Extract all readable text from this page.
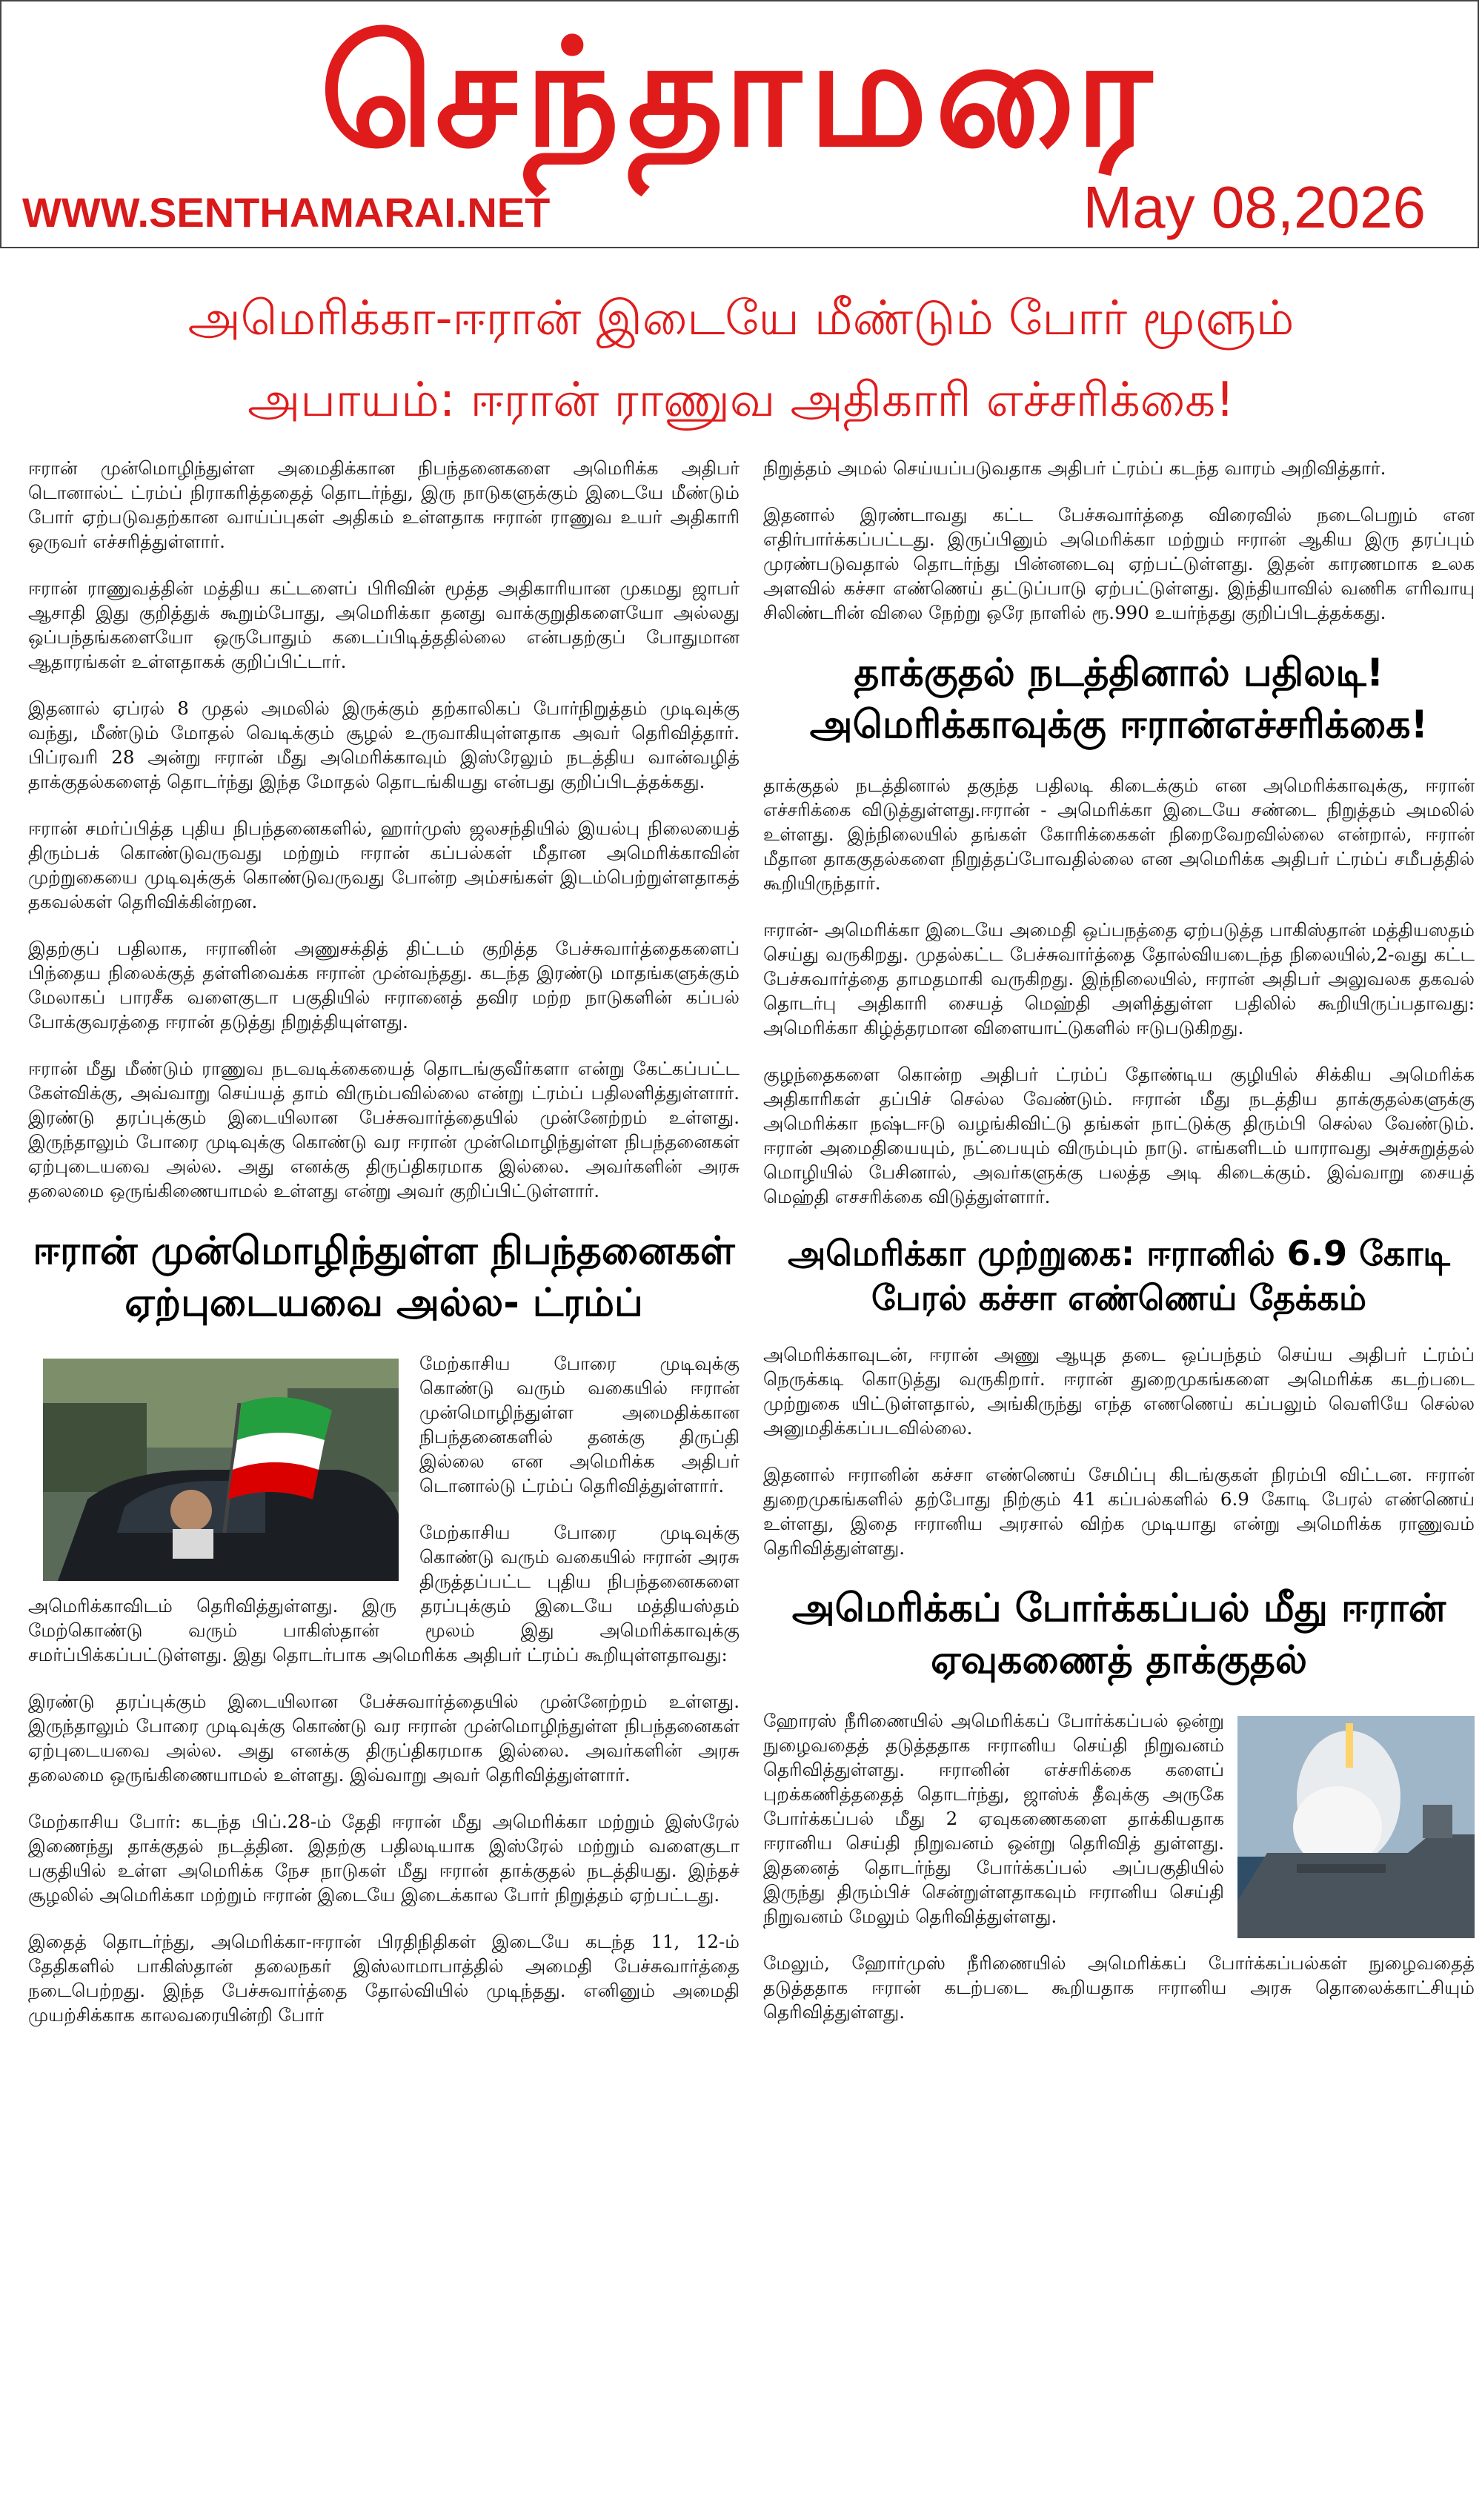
செந்தாமரை
WWW.SENTHAMARAI.NET	May 08,2026
அமெரிக்கா-ஈரான் இடையே மீண்டும் போர் மூளும்
அபாயம்: ஈரான் ராணுவ அதிகாரி எச்சரிக்கை!

ஈரான் முன்மொழிந்துள்ள அமைதிக்கான நிபந்தனைகளை அமெரிக்க அதிபர் டொனால்ட் ட்ரம்ப் நிராகரித்ததைத் தொடர்ந்து, இரு நாடுகளுக்கும் இடையே மீண்டும் போர் ஏற்படுவதற்கான வாய்ப்புகள் அதிகம் உள்ளதாக ஈரான் ராணுவ உயர் அதிகாரி ஒருவர் எச்சரித்துள்ளார்.

ஈரான் ராணுவத்தின் மத்திய கட்டளைப் பிரிவின் மூத்த அதிகாரியான முகமது ஜாபர் ஆசாதி இது குறித்துக் கூறும்போது, அமெரிக்கா தனது வாக்குறுதிகளையோ அல்லது ஒப்பந்தங்களையோ ஒருபோதும் கடைப்பிடித்ததில்லை என்பதற்குப் போதுமான ஆதாரங்கள் உள்ளதாகக் குறிப்பிட்டார்.

இதனால் ஏப்ரல் 8 முதல் அமலில் இருக்கும் தற்காலிகப் போர்நிறுத்தம் முடிவுக்கு வந்து, மீண்டும் மோதல் வெடிக்கும் சூழல் உருவாகியுள்ளதாக அவர் தெரிவித்தார். பிப்ரவரி 28 அன்று ஈரான் மீது அமெரிக்காவும் இஸ்ரேலும் நடத்திய வான்வழித் தாக்குதல்களைத் தொடர்ந்து இந்த மோதல் தொடங்கியது என்பது குறிப்பிடத்தக்கது.

ஈரான் சமர்ப்பித்த புதிய நிபந்தனைகளில், ஹார்முஸ் ஜலசந்தியில் இயல்பு நிலையைத் திரும்பக் கொண்டுவருவது மற்றும் ஈரான் கப்பல்கள் மீதான அமெரிக்காவின் முற்றுகையை முடிவுக்குக் கொண்டுவருவது போன்ற அம்சங்கள் இடம்பெற்றுள்ளதாகத் தகவல்கள் தெரிவிக்கின்றன.

இதற்குப் பதிலாக, ஈரானின் அணுசக்தித் திட்டம் குறித்த பேச்சுவார்த்தைகளைப் பிந்தைய நிலைக்குத் தள்ளிவைக்க ஈரான் முன்வந்தது. கடந்த இரண்டு மாதங்களுக்கும் மேலாகப் பாரசீக வளைகுடா பகுதியில் ஈரானைத் தவிர மற்ற நாடுகளின் கப்பல் போக்குவரத்தை ஈரான் தடுத்து நிறுத்தியுள்ளது.

ஈரான் மீது மீண்டும் ராணுவ நடவடிக்கையைத் தொடங்குவீர்களா என்று கேட்கப்பட்ட கேள்விக்கு, அவ்வாறு செய்யத் தாம் விரும்பவில்லை என்று ட்ரம்ப் பதிலளித்துள்ளார். இரண்டு தரப்புக்கும் இடையிலான பேச்சுவார்த்தையில் முன்னேற்றம் உள்ளது. இருந்தாலும் போரை முடிவுக்கு கொண்டு வர ஈரான் முன்மொழிந்துள்ள நிபந்தனைகள் ஏற்புடையவை அல்ல. அது எனக்கு திருப்திகரமாக இல்லை. அவர்களின் அரசு தலைமை ஒருங்கிணையாமல் உள்ளது என்று அவர் குறிப்பிட்டுள்ளார்.

ஈரான் முன்மொழிந்துள்ள நிபந்தனைகள் ஏற்புடையவை அல்ல- ட்ரம்ப்

மேற்காசிய போரை முடிவுக்கு கொண்டு வரும் வகையில் ஈரான் முன்மொழிந்துள்ள அமைதிக்கான நிபந்தனைகளில் தனக்கு திருப்தி இல்லை என அமெரிக்க அதிபர் டொனால்டு ட்ரம்ப் தெரிவித்துள்ளார்.

மேற்காசிய போரை முடிவுக்கு கொண்டு வரும் வகையில் ஈரான் அரசு திருத்தப்பட்ட புதிய நிபந்தனைகளை அமெரிக்காவிடம் தெரிவித்துள்ளது. இரு தரப்புக்கும் இடையே மத்தியஸ்தம் மேற்கொண்டு வரும் பாகிஸ்தான் மூலம் இது அமெரிக்காவுக்கு சமர்ப்பிக்கப்பட்டுள்ளது. இது தொடர்பாக அமெரிக்க அதிபர் ட்ரம்ப் கூறியுள்ளதாவது:

இரண்டு தரப்புக்கும் இடையிலான பேச்சுவார்த்தையில் முன்னேற்றம் உள்ளது. இருந்தாலும் போரை முடிவுக்கு கொண்டு வர ஈரான் முன்மொழிந்துள்ள நிபந்தனைகள் ஏற்புடையவை அல்ல. அது எனக்கு திருப்திகரமாக இல்லை. அவர்களின் அரசு தலைமை ஒருங்கிணையாமல் உள்ளது. இவ்வாறு அவர் தெரிவித்துள்ளார்.

மேற்காசிய போர்: கடந்த பிப்.28-ம் தேதி ஈரான் மீது அமெரிக்கா மற்றும் இஸ்ரேல் இணைந்து தாக்குதல் நடத்தின. இதற்கு பதிலடியாக இஸ்ரேல் மற்றும் வளைகுடா பகுதியில் உள்ள அமெரிக்க நேச நாடுகள் மீது ஈரான் தாக்குதல் நடத்தியது. இந்தச் சூழலில் அமெரிக்கா மற்றும் ஈரான் இடையே இடைக்கால போர் நிறுத்தம் ஏற்பட்டது.

இதைத் தொடர்ந்து, அமெரிக்கா-ஈரான் பிரதிநிதிகள் இடையே கடந்த 11, 12-ம் தேதிகளில் பாகிஸ்தான் தலைநகர் இஸ்லாமாபாத்தில் அமைதி பேச்சுவார்த்தை நடைபெற்றது. இந்த பேச்சுவார்த்தை தோல்வியில் முடிந்தது. எனினும் அமைதி முயற்சிக்காக காலவரையின்றி போர்

நிறுத்தம் அமல் செய்யப்படுவதாக அதிபர் ட்ரம்ப் கடந்த வாரம் அறிவித்தார்.

இதனால் இரண்டாவது கட்ட பேச்சுவார்த்தை விரைவில் நடைபெறும் என எதிர்பார்க்கப்பட்டது. இருப்பினும் அமெரிக்கா மற்றும் ஈரான் ஆகிய இரு தரப்பும் முரண்படுவதால் தொடர்ந்து பின்னடைவு ஏற்பட்டுள்ளது. இதன் காரணமாக உலக அளவில் கச்சா எண்ணெய் தட்டுப்பாடு ஏற்பட்டுள்ளது. இந்தியாவில் வணிக எரிவாயு சிலிண்டரின் விலை நேற்று ஒரே நாளில் ரூ.990 உயர்ந்தது குறிப்பிடத்தக்கது.

தாக்குதல் நடத்தினால் பதிலடி! அமெரிக்காவுக்கு ஈரான்எச்சரிக்கை!

தாக்குதல் நடத்தினால் தகுந்த பதிலடி கிடைக்கும் என அமெரிக்காவுக்கு, ஈரான் எச்சரிக்கை விடுத்துள்ளது.ஈரான் - அமெரிக்கா இடையே சண்டை நிறுத்தம் அமலில் உள்ளது. இந்நிலையில் தங்கள் கோரிக்கைகள் நிறைவேறவில்லை என்றால், ஈரான் மீதான தாககுதல்களை நிறுத்தப்போவதில்லை என அமெரிக்க அதிபர் ட்ரம்ப் சமீபத்தில் கூறியிருந்தார்.

ஈரான்- அமெரிக்கா இடையே அமைதி ஒப்பநத்தை ஏற்படுத்த பாகிஸ்தான் மத்தியஸதம் செய்து வருகிறது. முதல்கட்ட பேச்சுவார்த்தை தோல்வியடைந்த நிலையில்,2-வது கட்ட பேச்சுவார்த்தை தாமதமாகி வருகிறது. இந்நிலையில், ஈரான் அதிபர் அலுவலக தகவல் தொடர்பு அதிகாரி சையத் மெஹ்தி அளித்துள்ள பதிலில் கூறியிருப்பதாவது: அமெரிக்கா கிழ்த்தரமான விளையாட்டுகளில் ஈடுபடுகிறது.

குழந்தைகளை கொன்ற அதிபர் ட்ரம்ப் தோண்டிய குழியில் சிக்கிய அமெரிக்க அதிகாரிகள் தப்பிச் செல்ல வேண்டும். ஈரான் மீது நடத்திய தாக்குதல்களுக்கு அமெரிக்கா நஷ்டஈடு வழங்கிவிட்டு தங்கள் நாட்டுக்கு திரும்பி செல்ல வேண்டும். ஈரான் அமைதியையும், நட்பையும் விரும்பும் நாடு. எங்களிடம் யாராவது அச்சுறுத்தல் மொழியில் பேசினால், அவர்களுக்கு பலத்த அடி கிடைக்கும். இவ்வாறு சையத் மெஹ்தி எசசரிக்கை விடுத்துள்ளார்.

அமெரிக்கா முற்றுகை: ஈரானில் 6.9 கோடி பேரல் கச்சா எண்ணெய் தேக்கம்

அமெரிக்காவுடன், ஈரான் அணு ஆயுத தடை ஒப்பந்தம் செய்ய அதிபர் ட்ரம்ப் நெருக்கடி கொடுத்து வருகிறார். ஈரான் துறைமுகங்களை அமெரிக்க கடற்படை முற்றுகை யிட்டுள்ளதால், அங்கிருந்து எந்த எணணெய் கப்பலும் வெளியே செல்ல அனுமதிக்கப்படவில்லை.

இதனால் ஈரானின் கச்சா எண்ணெய் சேமிப்பு கிடங்குகள் நிரம்பி விட்டன. ஈரான் துறைமுகங்களில் தற்போது நிற்கும் 41 கப்பல்களில் 6.9 கோடி பேரல் எண்ணெய் உள்ளது, இதை ஈரானிய அரசால் விற்க முடியாது என்று அமெரிக்க ராணுவம் தெரிவித்துள்ளது.

அமெரிக்கப் போர்க்கப்பல் மீது ஈரான் ஏவுகணைத் தாக்குதல்

ஹோரஸ் நீரிணையில் அமெரிக்கப் போர்க்கப்பல் ஒன்று நுழைவதைத் தடுத்ததாக ஈரானிய செய்தி நிறுவனம் தெரிவித்துள்ளது. ஈரானின் எச்சரிக்கை களைப் புறக்கணித்ததைத் தொடர்ந்து, ஜாஸ்க் தீவுக்கு அருகே போர்க்கப்பல் மீது 2 ஏவுகணைகளை தாக்கியதாக ஈரானிய செய்தி நிறுவனம் ஒன்று தெரிவித் துள்ளது. இதனைத் தொடர்ந்து போர்க்கப்பல் அப்பகுதியில் இருந்து திரும்பிச் சென்றுள்ளதாகவும் ஈரானிய செய்தி நிறுவனம் மேலும் தெரிவித்துள்ளது.

மேலும், ஹோர்முஸ் நீரிணையில் அமெரிக்கப் போர்க்கப்பல்கள் நுழைவதைத் தடுத்ததாக ஈரான் கடற்படை கூறியதாக ஈரானிய அரசு தொலைக்காட்சியும் தெரிவித்துள்ளது.
